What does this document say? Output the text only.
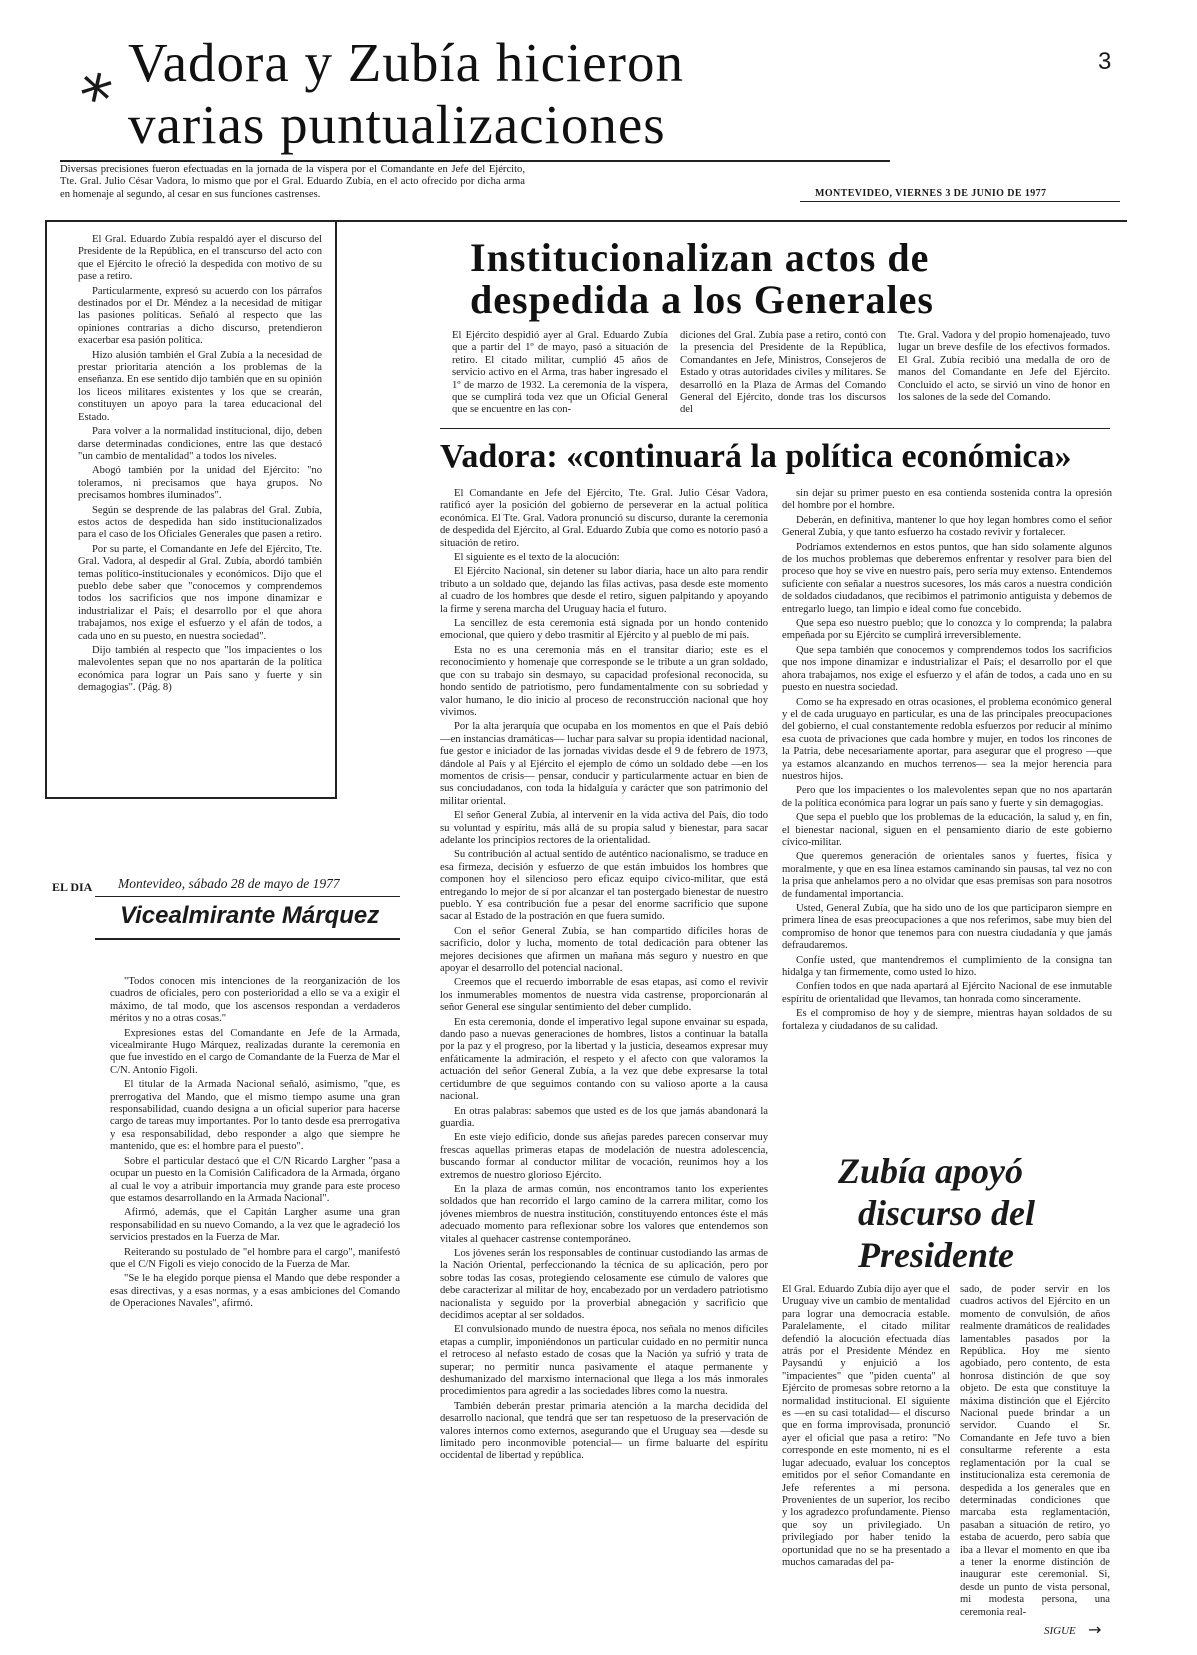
* Vadora y Zubía hicieron
varias puntualizaciones
3
Diversas precisiones fueron efectuadas en la jornada de la víspera por el Comandante en Jefe del Ejército, Tte. Gral. Julio César Vadora, lo mismo que por el Gral. Eduardo Zubía, en el acto ofrecido por dicha arma en homenaje al segundo, al cesar en sus funciones castrenses.	MONTEVIDEO, VIERNES 3 DE JUNIO DE 1977

El Gral. Eduardo Zubía respaldó ayer el discurso del Presidente de la República, en el transcurso del acto con que el Ejército le ofreció la despedida con motivo de su pase a retiro.

Particularmente, expresó su acuerdo con los párrafos destinados por el Dr. Méndez a la necesidad de mitigar las pasiones políticas. Señaló al respecto que las opiniones contrarias a dicho discurso, pretendieron exacerbar esa pasión política.

Hizo alusión también el Gral Zubía a la necesidad de prestar prioritaria atención a los problemas de la enseñanza. En ese sentido dijo también que en su opinión los liceos militares existentes y los que se crearán, constituyen un apoyo para la tarea educacional del Estado.

Para volver a la normalidad institucional, dijo, deben darse determinadas condiciones, entre las que destacó "un cambio de mentalidad" a todos los niveles.

Abogó también por la unidad del Ejército: "no toleramos, ni precisamos que haya grupos. No precisamos hombres iluminados".

Según se desprende de las palabras del Gral. Zubía, estos actos de despedida han sido institucionalizados para el caso de los Oficiales Generales que pasen a retiro.

Por su parte, el Comandante en Jefe del Ejército, Tte. Gral. Vadora, al despedir al Gral. Zubía, abordó también temas político-institucionales y económicos. Dijo que el pueblo debe saber que "conocemos y comprendemos todos los sacrificios que nos impone dinamizar e industrializar el País; el desarrollo por el que ahora trabajamos, nos exige el esfuerzo y el afán de todos, a cada uno en su puesto, en nuestra sociedad".

Dijo también al respecto que "los impacientes o los malevolentes sepan que no nos apartarán de la política económica para lograr un País sano y fuerte y sin demagogias". (Pág. 8)

Institucionalizan actos de
despedida a los Generales
El Ejército despidió ayer al Gral. Eduardo Zubía que a partir del 1º de mayo, pasó a situación de retiro. El citado militar, cumplió 45 años de servicio activo en el Arma, tras haber ingresado el 1º de marzo de 1932. La ceremonia de la víspera, que se cumplirá toda vez que un Oficial General que se encuentre en las con-
diciones del Gral. Zubía pase a retiro, contó con la presencia del Presidente de la República, Comandantes en Jefe, Ministros, Consejeros de Estado y otras autoridades civiles y militares. Se desarrolló en la Plaza de Armas del Comando General del Ejército, donde tras los discursos del
Tte. Gral. Vadora y del propio homenajeado, tuvo lugar un breve desfile de los efectivos formados. El Gral. Zubía recibió una medalla de oro de manos del Comandante en Jefe del Ejército. Concluido el acto, se sirvió un vino de honor en los salones de la sede del Comando.
Vadora: «continuará la política económica»

El Comandante en Jefe del Ejército, Tte. Gral. Julio César Vadora, ratificó ayer la posición del gobierno de perseverar en la actual política económica. El Tte. Gral. Vadora pronunció su discurso, durante la ceremonia de despedida del Ejército, al Gral. Eduardo Zubía que como es notorio pasó a situación de retiro.

El siguiente es el texto de la alocución:

El Ejército Nacional, sin detener su labor diaria, hace un alto para rendir tributo a un soldado que, dejando las filas activas, pasa desde este momento al cuadro de los hombres que desde el retiro, siguen palpitando y apoyando la firme y serena marcha del Uruguay hacia el futuro.

La sencillez de esta ceremonia está signada por un hondo contenido emocional, que quiero y debo trasmitir al Ejército y al pueblo de mi país.

Esta no es una ceremonia más en el transitar diario; este es el reconocimiento y homenaje que corresponde se le tribute a un gran soldado, que con su trabajo sin desmayo, su capacidad profesional reconocida, su hondo sentido de patriotismo, pero fundamentalmente con su sobriedad y valor humano, le dio inicio al proceso de reconstrucción nacional que hoy vivimos.

Por la alta jerarquía que ocupaba en los momentos en que el País debió —en instancias dramáticas— luchar para salvar su propia identidad nacional, fue gestor e iniciador de las jornadas vividas desde el 9 de febrero de 1973, dándole al País y al Ejército el ejemplo de cómo un soldado debe —en los momentos de crisis— pensar, conducir y particularmente actuar en bien de sus conciudadanos, con toda la hidalguía y carácter que son patrimonio del militar oriental.

El señor General Zubía, al intervenir en la vida activa del País, dio todo su voluntad y espíritu, más allá de su propia salud y bienestar, para sacar adelante los principios rectores de la orientalidad.

Su contribución al actual sentido de auténtico nacionalismo, se traduce en esa firmeza, decisión y esfuerzo de que están imbuidos los hombres que componen hoy el silencioso pero eficaz equipo cívico-militar, que está entregando lo mejor de sí por alcanzar el tan postergado bienestar de nuestro pueblo. Y esa contribución fue a pesar del enorme sacrificio que supone sacar al Estado de la postración en que fuera sumido.

Con el señor General Zubía, se han compartido difíciles horas de sacrificio, dolor y lucha, momento de total dedicación para obtener las mejores decisiones que afirmen un mañana más seguro y nuestro en que apoyar el desarrollo del potencial nacional.

Creemos que el recuerdo imborrable de esas etapas, así como el revivir los inmumerables momentos de nuestra vida castrense, proporcionarán al señor General ese singular sentimiento del deber cumplido.

En esta ceremonia, donde el imperativo legal supone envainar su espada, dando paso a nuevas generaciones de hombres, listos a continuar la batalla por la paz y el progreso, por la libertad y la justicia, deseamos expresar muy enfáticamente la admiración, el respeto y el afecto con que valoramos la actuación del señor General Zubía, a la vez que debe expresarse la total certidumbre de que seguimos contando con su valioso aporte a la causa nacional.

En otras palabras: sabemos que usted es de los que jamás abandonará la guardia.

En este viejo edificio, donde sus añejas paredes parecen conservar muy frescas aquellas primeras etapas de modelación de nuestra adolescencia, buscando formar al conductor militar de vocación, reunimos hoy a los extremos de nuestro glorioso Ejército.

En la plaza de armas común, nos encontramos tanto los experientes soldados que han recorrido el largo camino de la carrera militar, como los jóvenes miembros de nuestra institución, constituyendo entonces éste el más adecuado momento para reflexionar sobre los valores que entendemos son vitales al quehacer castrense contemporáneo.

Los jóvenes serán los responsables de continuar custodiando las armas de la Nación Oriental, perfeccionando la técnica de su aplicación, pero por sobre todas las cosas, protegiendo celosamente ese cúmulo de valores que debe caracterizar al militar de hoy, encabezado por un verdadero patriotismo nacionalista y seguido por la proverbial abnegación y sacrificio que decidimos aceptar al ser soldados.

El convulsionado mundo de nuestra época, nos señala no menos difíciles etapas a cumplir, imponiéndonos un particular cuidado en no permitir nunca el retroceso al nefasto estado de cosas que la Nación ya sufrió y trata de superar; no permitir nunca pasivamente el ataque permanente y deshumanizado del marxismo internacional que llega a los más inmorales procedimientos para agredir a las sociedades libres como la nuestra.

También deberán prestar primaria atención a la marcha decidida del desarrollo nacional, que tendrá que ser tan respetuoso de la preservación de valores internos como externos, asegurando que el Uruguay sea —desde su limitado pero inconmovible potencial— un firme baluarte del espíritu occidental de libertad y república.

sin dejar su primer puesto en esa contienda sostenida contra la opresión del hombre por el hombre.

Deberán, en definitiva, mantener lo que hoy legan hombres como el señor General Zubía, y que tanto esfuerzo ha costado revivir y fortalecer.

Podríamos extendernos en estos puntos, que han sido solamente algunos de los muchos problemas que deberemos enfrentar y resolver para bien del proceso que hoy se vive en nuestro país, pero sería muy extenso. Entendemos suficiente con señalar a nuestros sucesores, los más caros a nuestra condición de soldados ciudadanos, que recibimos el patrimonio antiguista y debemos de entregarlo luego, tan limpio e ideal como fue concebido.

Que sepa eso nuestro pueblo; que lo conozca y lo comprenda; la palabra empeñada por su Ejército se cumplirá irreversiblemente.

Que sepa también que conocemos y comprendemos todos los sacrificios que nos impone dinamizar e industrializar el País; el desarrollo por el que ahora trabajamos, nos exige el esfuerzo y el afán de todos, a cada uno en su puesto en nuestra sociedad.

Como se ha expresado en otras ocasiones, el problema económico general y el de cada uruguayo en particular, es una de las principales preocupaciones del gobierno, el cual constantemente redobla esfuerzos por reducir al mínimo esa cuota de privaciones que cada hombre y mujer, en todos los rincones de la Patria, debe necesariamente aportar, para asegurar que el progreso —que ya estamos alcanzando en muchos terrenos— sea la mejor herencia para nuestros hijos.

Pero que los impacientes o los malevolentes sepan que no nos apartarán de la política económica para lograr un país sano y fuerte y sin demagogias.

Que sepa el pueblo que los problemas de la educación, la salud y, en fin, el bienestar nacional, siguen en el pensamiento diario de este gobierno cívico-militar.

Que queremos generación de orientales sanos y fuertes, física y moralmente, y que en esa línea estamos caminando sin pausas, tal vez no con la prisa que anhelamos pero a no olvidar que esas premisas son para nosotros de fundamental importancia.

Usted, General Zubía, que ha sido uno de los que participaron siempre en primera línea de esas preocupaciones a que nos referimos, sabe muy bien del compromiso de honor que tenemos para con nuestra ciudadanía y que jamás defraudaremos.

Confíe usted, que mantendremos el cumplimiento de la consigna tan hidalga y tan firmemente, como usted lo hizo.

Confíen todos en que nada apartará al Ejército Nacional de ese inmutable espíritu de orientalidad que llevamos, tan honrada como sinceramente.

Es el compromiso de hoy y de siempre, mientras hayan soldados de su fortaleza y ciudadanos de su calidad.

EL DIA Montevideo, sábado 28 de mayo de 1977
Vicealmirante Márquez

"Todos conocen mis intenciones de la reorganización de los cuadros de oficiales, pero con posterioridad a ello se va a exigir el máximo, de tal modo, que los ascensos respondan a verdaderos méritos y no a otras cosas."

Expresiones estas del Comandante en Jefe de la Armada, vicealmirante Hugo Márquez, realizadas durante la ceremonia en que fue investido en el cargo de Comandante de la Fuerza de Mar el C/N. Antonio Figoli.

El titular de la Armada Nacional señaló, asimismo, "que, es prerrogativa del Mando, que el mismo tiempo asume una gran responsabilidad, cuando designa a un oficial superior para hacerse cargo de tareas muy importantes. Por lo tanto desde esa prerrogativa y esa responsabilidad, debo responder a algo que siempre he mantenido, que es: el hombre para el puesto".

Sobre el particular destacó que el C/N Ricardo Largher "pasa a ocupar un puesto en la Comisión Calificadora de la Armada, órgano al cual le voy a atribuir importancia muy grande para este proceso que estamos desarrollando en la Armada Nacional".

Afirmó, además, que el Capitán Largher asume una gran responsabilidad en su nuevo Comando, a la vez que le agradeció los servicios prestados en la Fuerza de Mar.

Reiterando su postulado de "el hombre para el cargo", manifestó que el C/N Figoli es viejo conocido de la Fuerza de Mar.

"Se le ha elegido porque piensa el Mando que debe responder a esas directivas, y a esas normas, y a esas ambiciones del Comando de Operaciones Navales", afirmó.

Zubía apoyó
discurso del
Presidente
El Gral. Eduardo Zubía dijo ayer que el Uruguay vive un cambio de mentalidad para lograr una democracia estable. Paralelamente, el citado militar defendió la alocución efectuada días atrás por el Presidente Méndez en Paysandú y enjuició a los "impacientes" que "piden cuenta" al Ejército de promesas sobre retorno a la normalidad institucional. El siguiente es —en su casi totalidad— el discurso que en forma improvisada, pronunció ayer el oficial que pasa a retiro: "No corresponde en este momento, ni es el lugar adecuado, evaluar los conceptos emitidos por el señor Comandante en Jefe referentes a mi persona. Provenientes de un superior, los recibo y los agradezco profundamente. Pienso que soy un privilegiado. Un privilegiado por haber tenido la oportunidad que no se ha presentado a muchos camaradas del pa-
sado, de poder servir en los cuadros activos del Ejército en un momento de convulsión, de años realmente dramáticos de realidades lamentables pasados por la República. Hoy me siento agobiado, pero contento, de esta honrosa distinción de que soy objeto. De esta que constituye la máxima distinción que el Ejército Nacional puede brindar a un servidor. Cuando el Sr. Comandante en Jefe tuvo a bien consultarme referente a esta reglamentación por la cual se institucionaliza esta ceremonia de despedida a los generales que en determinadas condiciones que marcaba esta reglamentación, pasaban a situación de retiro, yo estaba de acuerdo, pero sabía que iba a llevar el momento en que iba a tener la enorme distinción de inaugurar este ceremonial. Si, desde un punto de vista personal, mi modesta persona, una ceremonia real-
SIGUE →
